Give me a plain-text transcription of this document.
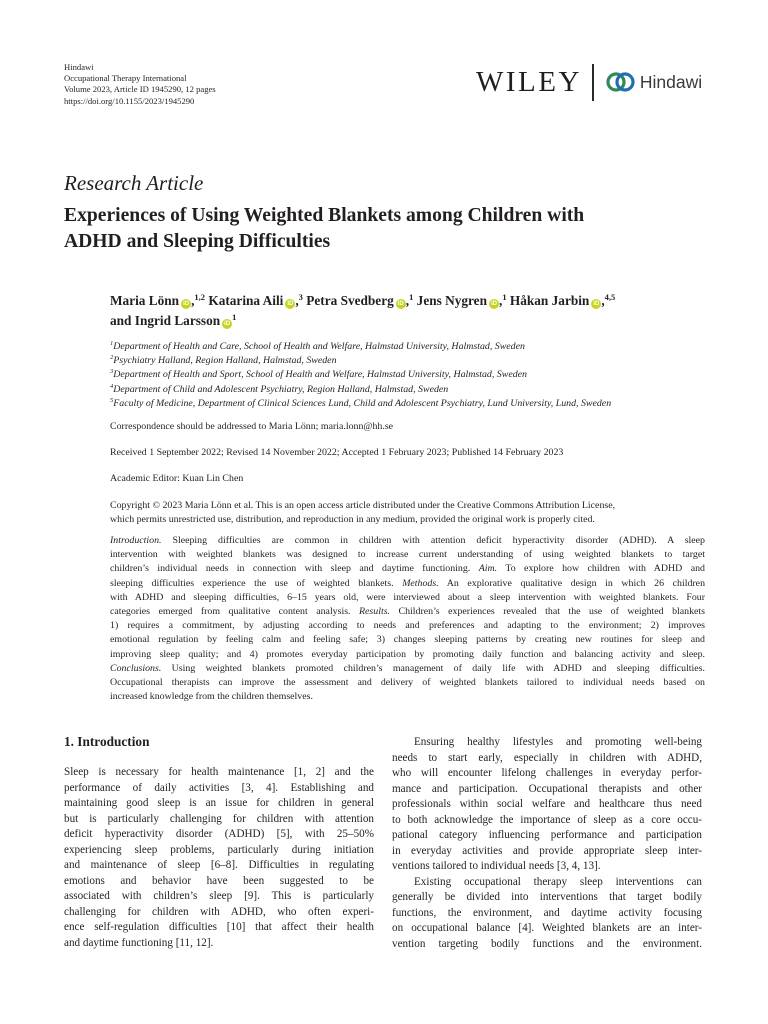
Hindawi
Occupational Therapy International
Volume 2023, Article ID 1945290, 12 pages
https://doi.org/10.1155/2023/1945290
WILEY	Hindawi
Research Article
Experiences of Using Weighted Blankets among Children with
ADHD and Sleeping Difficulties
Maria Lönn iD ,$^{1,2}$ Katarina Aili iD ,$^3$ Petra Svedberg iD ,$^1$ Jens Nygren iD ,$^1$ Håkan Jarbin iD ,$^{4,5}$
and Ingrid Larsson $iD^1$
$^1$Department of Health and Care, School of Health and Welfare, Halmstad University, Halmstad, Sweden
$^2$Psychiatry Halland, Region Halland, Halmstad, Sweden
$^3$Department of Health and Sport, School of Health and Welfare, Halmstad University, Halmstad, Sweden
$^4$Department of Child and Adolescent Psychiatry, Region Halland, Halmstad, Sweden
$^5$Faculty of Medicine, Department of Clinical Sciences Lund, Child and Adolescent Psychiatry, Lund University, Lund, Sweden
Correspondence should be addressed to Maria Lönn; maria.lonn@hh.se
Received 1 September 2022; Revised 14 November 2022; Accepted 1 February 2023; Published 14 February 2023
Academic Editor: Kuan Lin Chen
Copyright © 2023 Maria Lönn et al. This is an open access article distributed under the Creative Commons Attribution License,
which permits unrestricted use, distribution, and reproduction in any medium, provided the original work is properly cited.
Introduction. Sleeping difficulties are common in children with attention deficit hyperactivity disorder (ADHD). A sleep
intervention with weighted blankets was designed to increase current understanding of using weighted blankets to target
children’s individual needs in connection with sleep and daytime functioning. Aim. To explore how children with ADHD and
sleeping difficulties experience the use of weighted blankets. Methods. An explorative qualitative design in which 26 children
with ADHD and sleeping difficulties, 6–15 years old, were interviewed about a sleep intervention with weighted blankets. Four
categories emerged from qualitative content analysis. Results. Children’s experiences revealed that the use of weighted blankets
1) requires a commitment, by adjusting according to needs and preferences and adapting to the environment; 2) improves
emotional regulation by feeling calm and feeling safe; 3) changes sleeping patterns by creating new routines for sleep and
improving sleep quality; and 4) promotes everyday participation by promoting daily function and balancing activity and sleep.
Conclusions. Using weighted blankets promoted children’s management of daily life with ADHD and sleeping difficulties.
Occupational therapists can improve the assessment and delivery of weighted blankets tailored to individual needs based on
increased knowledge from the children themselves.
1. Introduction
Sleep is necessary for health maintenance [1, 2] and the
performance of daily activities [3, 4]. Establishing and
maintaining good sleep is an issue for children in general
but is particularly challenging for children with attention
deficit hyperactivity disorder (ADHD) [5], with 25–50%
experiencing sleep problems, particularly during initiation
and maintenance of sleep [6–8]. Difficulties in regulating
emotions and behavior have been suggested to be
associated with children’s sleep [9]. This is particularly
challenging for children with ADHD, who often experi-
ence self-regulation difficulties [10] that affect their health
and daytime functioning [11, 12].
Ensuring healthy lifestyles and promoting well-being
needs to start early, especially in children with ADHD,
who will encounter lifelong challenges in everyday perfor-
mance and participation. Occupational therapists and other
professionals within social welfare and healthcare thus need
to both acknowledge the importance of sleep as a core occu-
pational category influencing performance and participation
in everyday activities and provide appropriate sleep inter-
ventions tailored to individual needs [3, 4, 13].
Existing occupational therapy sleep interventions can
generally be divided into interventions that target bodily
functions, the environment, and daytime activity focusing
on occupational balance [4]. Weighted blankets are an inter-
vention targeting bodily functions and the environment.
